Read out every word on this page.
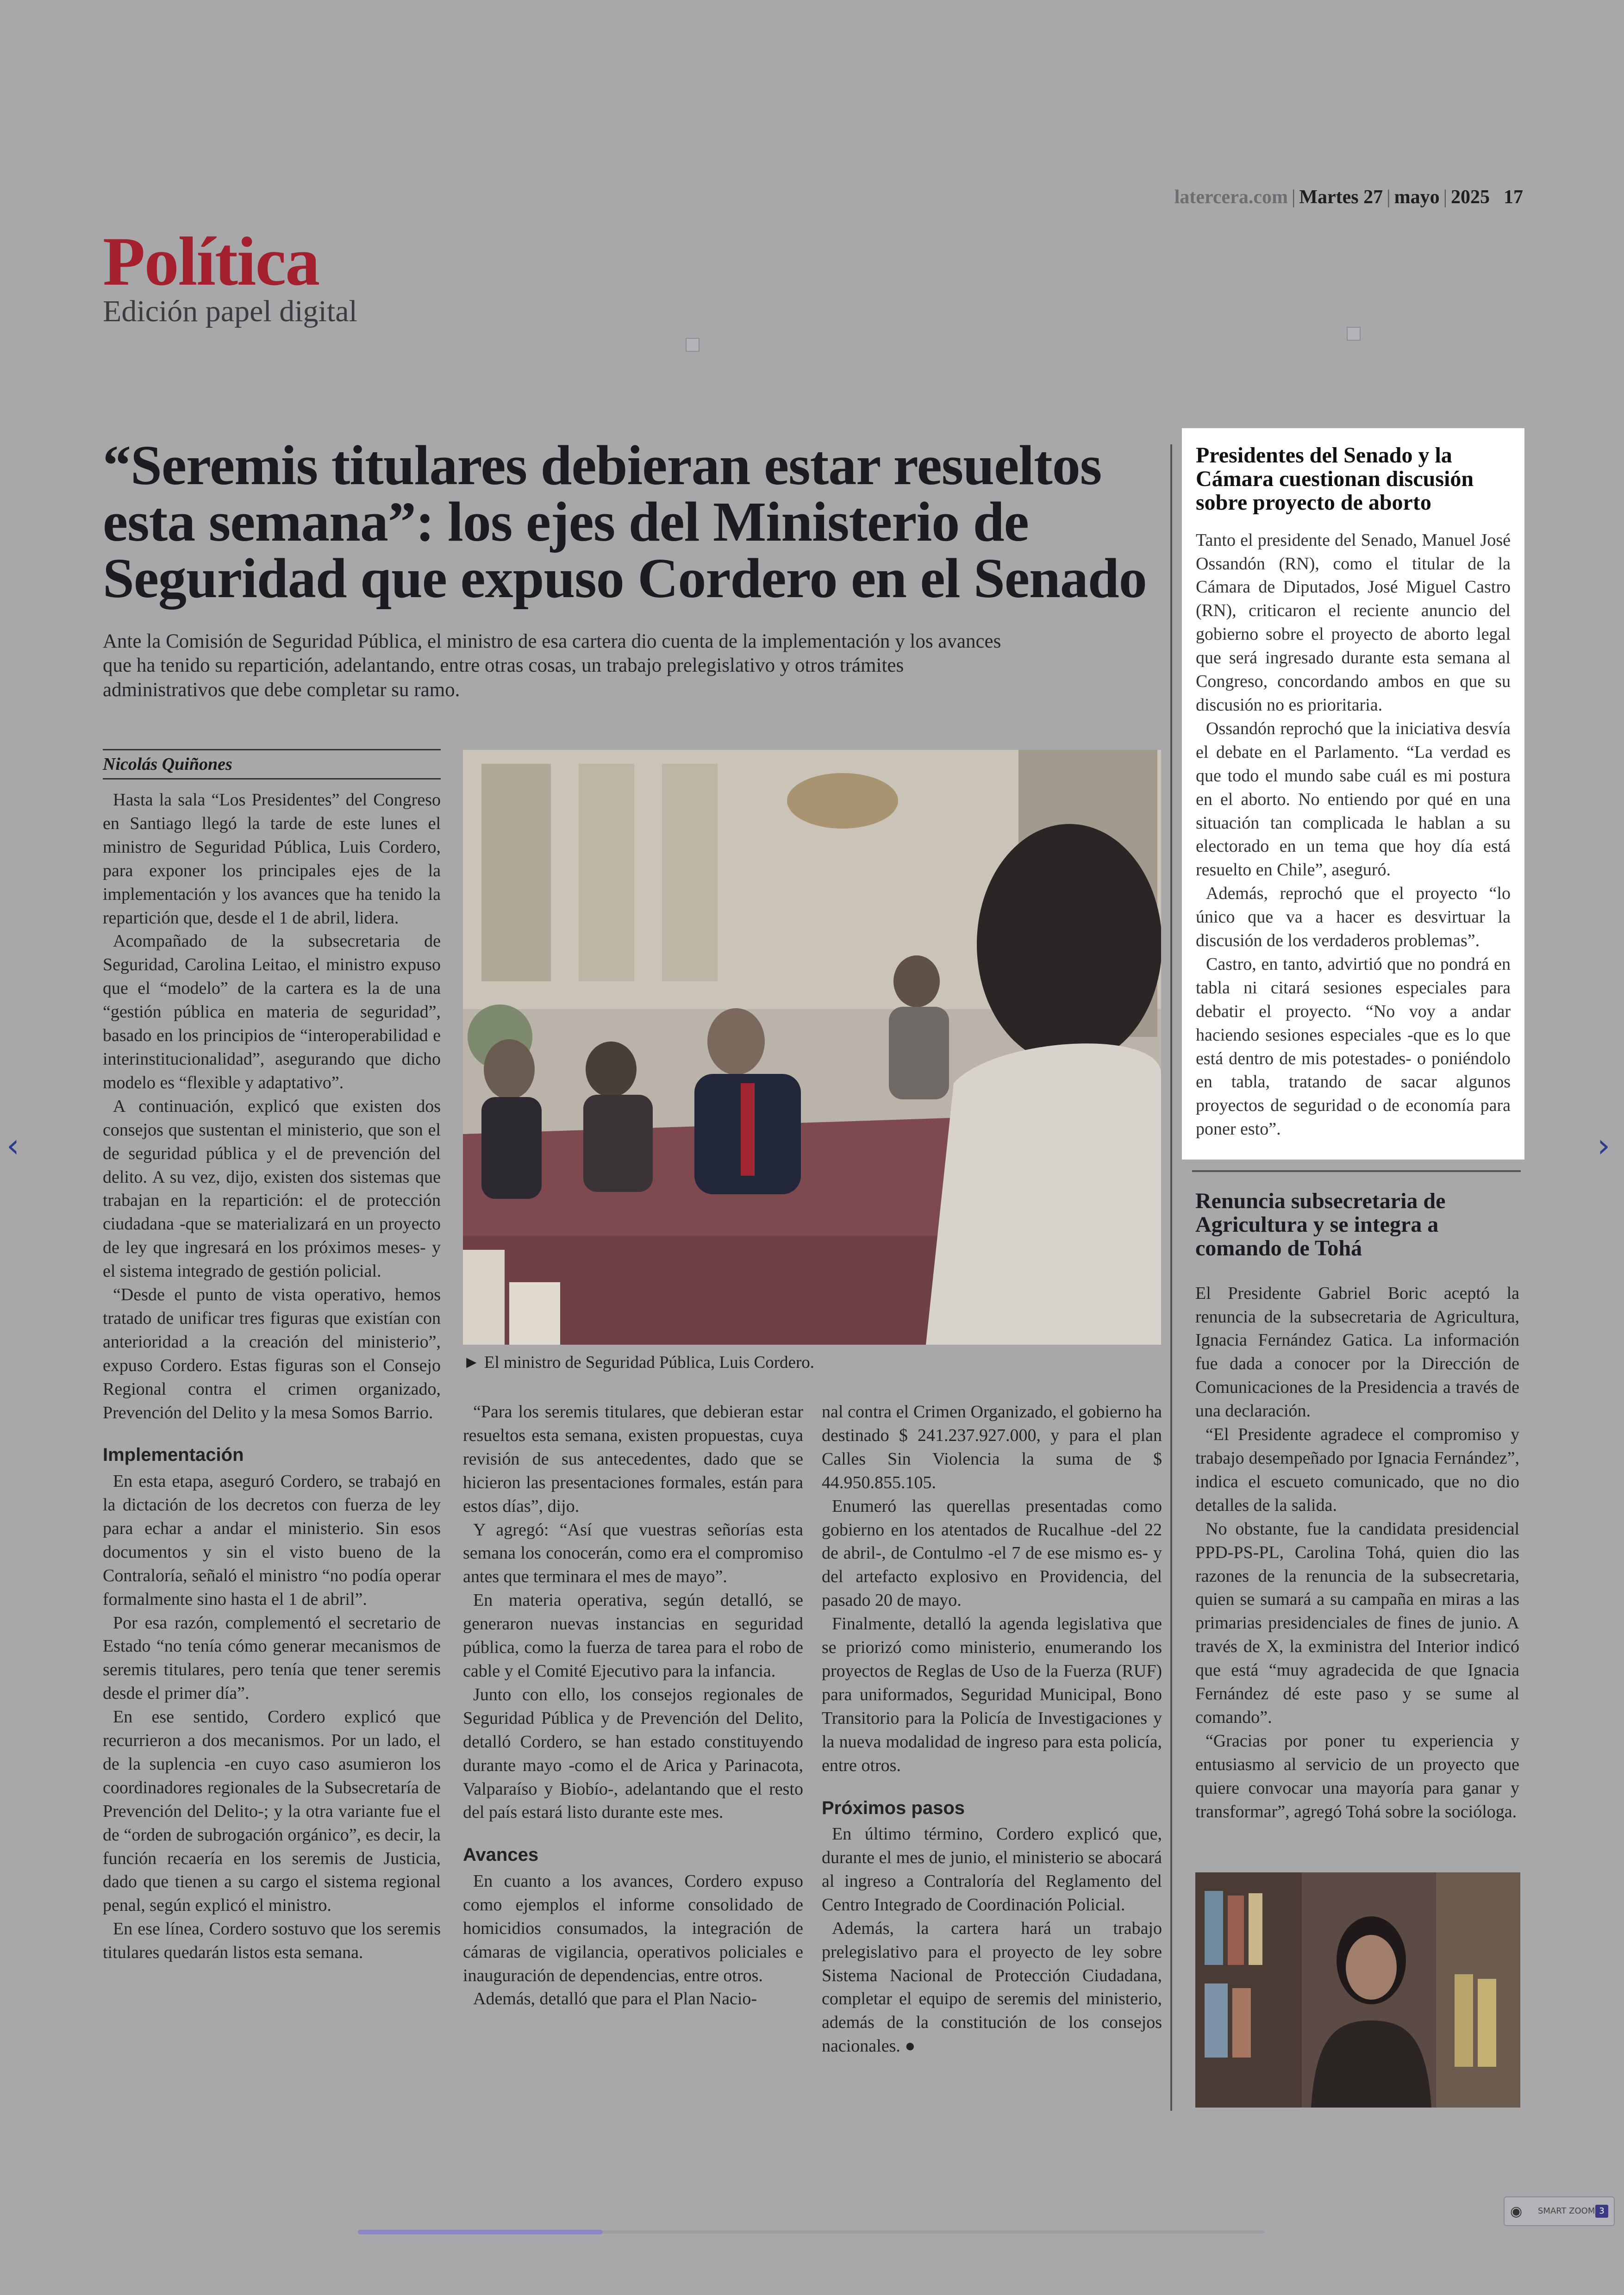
latercera.com | Martes 27 | mayo | 2025 17
Política
Edición papel digital
“Seremis titulares debieran estar resueltos esta semana”: los ejes del Ministerio de Seguridad que expuso Cordero en el Senado
Ante la Comisión de Seguridad Pública, el ministro de esa cartera dio cuenta de la implementación y los avances que ha tenido su repartición, adelantando, entre otras cosas, un trabajo prelegislativo y otros trámites administrativos que debe completar su ramo.
Nicolás Quiñones

Hasta la sala “Los Presidentes” del Congreso en Santiago llegó la tarde de este lunes el ministro de Seguridad Pública, Luis Cordero, para exponer los principales ejes de la implementación y los avances que ha tenido la repartición que, desde el 1 de abril, lidera.

Acompañado de la subsecretaria de Seguridad, Carolina Leitao, el ministro expuso que el “modelo” de la cartera es la de una “gestión pública en materia de seguridad”, basado en los principios de “interoperabilidad e interinstitucionalidad”, asegurando que dicho modelo es “flexible y adaptativo”.

A continuación, explicó que existen dos consejos que sustentan el ministerio, que son el de seguridad pública y el de prevención del delito. A su vez, dijo, existen dos sistemas que trabajan en la repartición: el de protección ciudadana -que se materializará en un proyecto de ley que ingresará en los próximos meses- y el sistema integrado de gestión policial.

“Desde el punto de vista operativo, hemos tratado de unificar tres figuras que existían con anterioridad a la creación del ministerio”, expuso Cordero. Estas figuras son el Consejo Regional contra el crimen organizado, Prevención del Delito y la mesa Somos Barrio.

Implementación

En esta etapa, aseguró Cordero, se trabajó en la dictación de los decretos con fuerza de ley para echar a andar el ministerio. Sin esos documentos y sin el visto bueno de la Contraloría, señaló el ministro “no podía operar formalmente sino hasta el 1 de abril”.

Por esa razón, complementó el secretario de Estado “no tenía cómo generar mecanismos de seremis titulares, pero tenía que tener seremis desde el primer día”.

En ese sentido, Cordero explicó que recurrieron a dos mecanismos. Por un lado, el de la suplencia -en cuyo caso asumieron los coordinadores regionales de la Subsecretaría de Prevención del Delito-; y la otra variante fue el de “orden de subrogación orgánico”, es decir, la función recaería en los seremis de Justicia, dado que tienen a su cargo el sistema regional penal, según explicó el ministro.

En ese línea, Cordero sostuvo que los seremis titulares quedarán listos esta semana.

► El ministro de Seguridad Pública, Luis Cordero.

“Para los seremis titulares, que debieran estar resueltos esta semana, existen propuestas, cuya revisión de sus antecedentes, dado que se hicieron las presentaciones formales, están para estos días”, dijo.

Y agregó: “Así que vuestras señorías esta semana los conocerán, como era el compromiso antes que terminara el mes de mayo”.

En materia operativa, según detalló, se generaron nuevas instancias en seguridad pública, como la fuerza de tarea para el robo de cable y el Comité Ejecutivo para la infancia.

Junto con ello, los consejos regionales de Seguridad Pública y de Prevención del Delito, detalló Cordero, se han estado constituyendo durante mayo -como el de Arica y Parinacota, Valparaíso y Biobío-, adelantando que el resto del país estará listo durante este mes.

Avances

En cuanto a los avances, Cordero expuso como ejemplos el informe consolidado de homicidios consumados, la integración de cámaras de vigilancia, operativos policiales e inauguración de dependencias, entre otros.

Además, detalló que para el Plan Nacio-

nal contra el Crimen Organizado, el gobierno ha destinado $ 241.237.927.000, y para el plan Calles Sin Violencia la suma de $ 44.950.855.105.

Enumeró las querellas presentadas como gobierno en los atentados de Rucalhue -del 22 de abril-, de Contulmo -el 7 de ese mismo es- y del artefacto explosivo en Providencia, del pasado 20 de mayo.

Finalmente, detalló la agenda legislativa que se priorizó como ministerio, enumerando los proyectos de Reglas de Uso de la Fuerza (RUF) para uniformados, Seguridad Municipal, Bono Transitorio para la Policía de Investigaciones y la nueva modalidad de ingreso para esta policía, entre otros.

Próximos pasos

En último término, Cordero explicó que, durante el mes de junio, el ministerio se abocará al ingreso a Contraloría del Reglamento del Centro Integrado de Coordinación Policial.

Además, la cartera hará un trabajo prelegislativo para el proyecto de ley sobre Sistema Nacional de Protección Ciudadana, completar el equipo de seremis del ministerio, además de la constitución de los consejos nacionales. ●

Presidentes del Senado y la Cámara cuestionan discusión sobre proyecto de aborto

Tanto el presidente del Senado, Manuel José Ossandón (RN), como el titular de la Cámara de Diputados, José Miguel Castro (RN), criticaron el reciente anuncio del gobierno sobre el proyecto de aborto legal que será ingresado durante esta semana al Congreso, concordando ambos en que su discusión no es prioritaria.

Ossandón reprochó que la iniciativa desvía el debate en el Parlamento. “La verdad es que todo el mundo sabe cuál es mi postura en el aborto. No entiendo por qué en una situación tan complicada le hablan a su electorado en un tema que hoy día está resuelto en Chile”, aseguró.

Además, reprochó que el proyecto “lo único que va a hacer es desvirtuar la discusión de los verdaderos problemas”.

Castro, en tanto, advirtió que no pondrá en tabla ni citará sesiones especiales para debatir el proyecto. “No voy a andar haciendo sesiones especiales -que es lo que está dentro de mis potestades- o poniéndolo en tabla, tratando de sacar algunos proyectos de seguridad o de economía para poner esto”.

Renuncia subsecretaria de Agricultura y se integra a comando de Tohá

El Presidente Gabriel Boric aceptó la renuncia de la subsecretaria de Agricultura, Ignacia Fernández Gatica. La información fue dada a conocer por la Dirección de Comunicaciones de la Presidencia a través de una declaración.

“El Presidente agradece el compromiso y trabajo desempeñado por Ignacia Fernández”, indica el escueto comunicado, que no dio detalles de la salida.

No obstante, fue la candidata presidencial PPD-PS-PL, Carolina Tohá, quien dio las razones de la renuncia de la subsecretaria, quien se sumará a su campaña en miras a las primarias presidenciales de fines de junio. A través de X, la exministra del Interior indicó que está “muy agradecida de que Ignacia Fernández dé este paso y se sume al comando”.

“Gracias por poner tu experiencia y entusiasmo al servicio de un proyecto que quiere convocar una mayoría para ganar y transformar”, agregó Tohá sobre la socióloga.

‹	›
◉	SMART ZOOM 3
